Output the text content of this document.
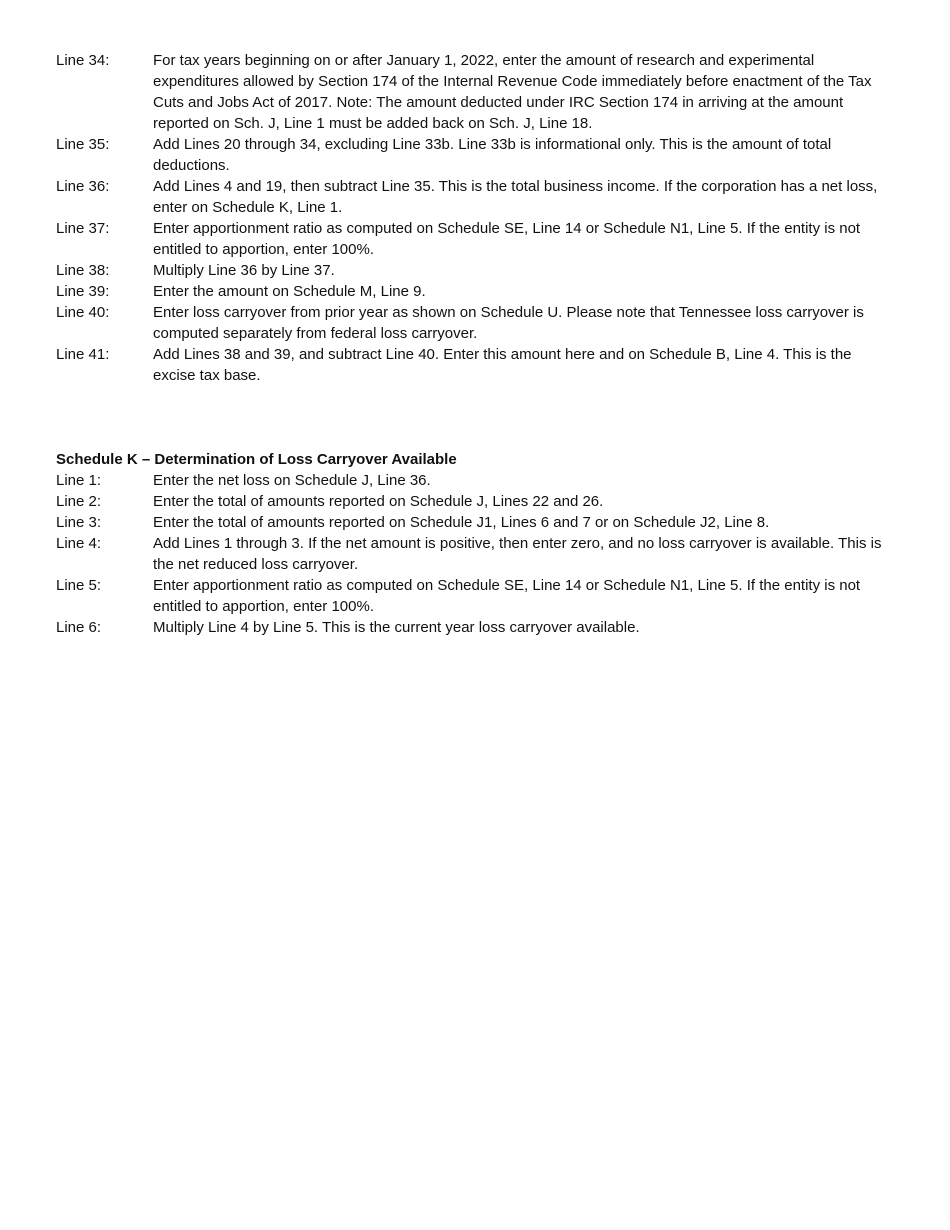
Line 34:	For tax years beginning on or after January 1, 2022, enter the amount of research and experimental expenditures allowed by Section 174 of the Internal Revenue Code immediately before enactment of the Tax Cuts and Jobs Act of 2017. Note: The amount deducted under IRC Section 174 in arriving at the amount reported on Sch. J, Line 1 must be added back on Sch. J, Line 18.
Line 35:	Add Lines 20 through 34, excluding Line 33b. Line 33b is informational only. This is the amount of total deductions.
Line 36:	Add Lines 4 and 19, then subtract Line 35. This is the total business income. If the corporation has a net loss, enter on Schedule K, Line 1.
Line 37:	Enter apportionment ratio as computed on Schedule SE, Line 14 or Schedule N1, Line 5. If the entity is not entitled to apportion, enter 100%.
Line 38:	Multiply Line 36 by Line 37.
Line 39:	Enter the amount on Schedule M, Line 9.
Line 40:	Enter loss carryover from prior year as shown on Schedule U. Please note that Tennessee loss carryover is computed separately from federal loss carryover.
Line 41:	Add Lines 38 and 39, and subtract Line 40. Enter this amount here and on Schedule B, Line 4. This is the excise tax base.
Schedule K – Determination of Loss Carryover Available
Line 1:	Enter the net loss on Schedule J, Line 36.
Line 2:	Enter the total of amounts reported on Schedule J, Lines 22 and 26.
Line 3:	Enter the total of amounts reported on Schedule J1, Lines 6 and 7 or on Schedule J2, Line 8.
Line 4:	Add Lines 1 through 3. If the net amount is positive, then enter zero, and no loss carryover is available. This is the net reduced loss carryover.
Line 5:	Enter apportionment ratio as computed on Schedule SE, Line 14 or Schedule N1, Line 5. If the entity is not entitled to apportion, enter 100%.
Line 6:	Multiply Line 4 by Line 5. This is the current year loss carryover available.
